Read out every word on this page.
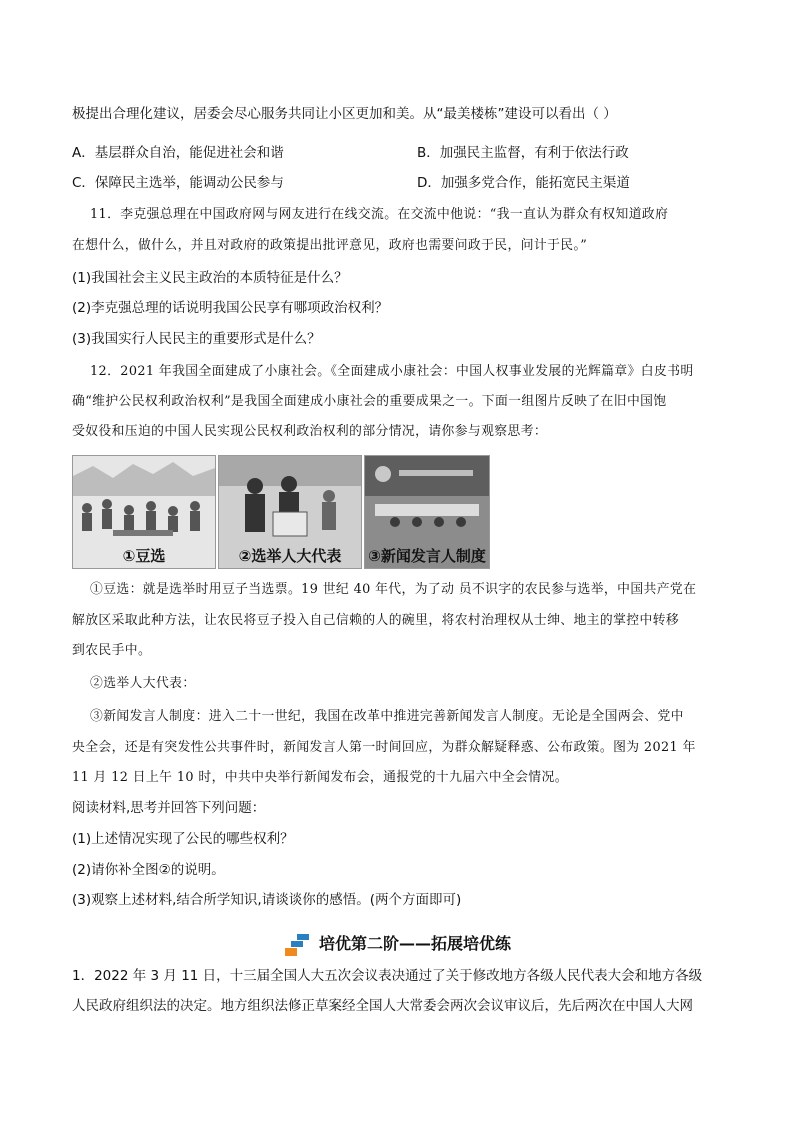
极提出合理化建议，居委会尽心服务共同让小区更加和美。从“最美楼栋”建设可以看出（ ）
A．基层群众自治，能促进社会和谐	B．加强民主监督，有利于依法行政
C．保障民主选举，能调动公民参与	D．加强多党合作，能拓宽民主渠道
11．李克强总理在中国政府网与网友进行在线交流。在交流中他说：“我一直认为群众有权知道政府
在想什么，做什么，并且对政府的政策提出批评意见，政府也需要问政于民，问计于民。”
(1)我国社会主义民主政治的本质特征是什么？
(2)李克强总理的话说明我国公民享有哪项政治权利？
(3)我国实行人民民主的重要形式是什么？
12．2021 年我国全面建成了小康社会。《全面建成小康社会：中国人权事业发展的光辉篇章》白皮书明
确“维护公民权利政治权利”是我国全面建成小康社会的重要成果之一。下面一组图片反映了在旧中国饱
受奴役和压迫的中国人民实现公民权利政治权利的部分情况，请你参与观察思考：
①豆选	②选举人大代表	③新闻发言人制度
①豆选：就是选举时用豆子当选票。19 世纪 40 年代，为了动 员不识字的农民参与选举，中国共产党在
解放区采取此种方法，让农民将豆子投入自己信赖的人的碗里，将农村治理权从士绅、地主的掌控中转移
到农民手中。
②选举人大代表：
③新闻发言人制度：进入二十一世纪，我国在改革中推进完善新闻发言人制度。无论是全国两会、党中
央全会，还是有突发性公共事件时，新闻发言人第一时间回应，为群众解疑释惑、公布政策。图为 2021 年
11 月 12 日上午 10 时，中共中央举行新闻发布会，通报党的十九届六中全会情况。
阅读材料,思考并回答下列问题：
(1)上述情况实现了公民的哪些权利？
(2)请你补全图②的说明。
(3)观察上述材料,结合所学知识,请谈谈你的感悟。(两个方面即可)
培优第二阶——拓展培优练
1．2022 年 3 月 11 日，十三届全国人大五次会议表决通过了关于修改地方各级人民代表大会和地方各级
人民政府组织法的决定。地方组织法修正草案经全国人大常委会两次会议审议后，先后两次在中国人大网
